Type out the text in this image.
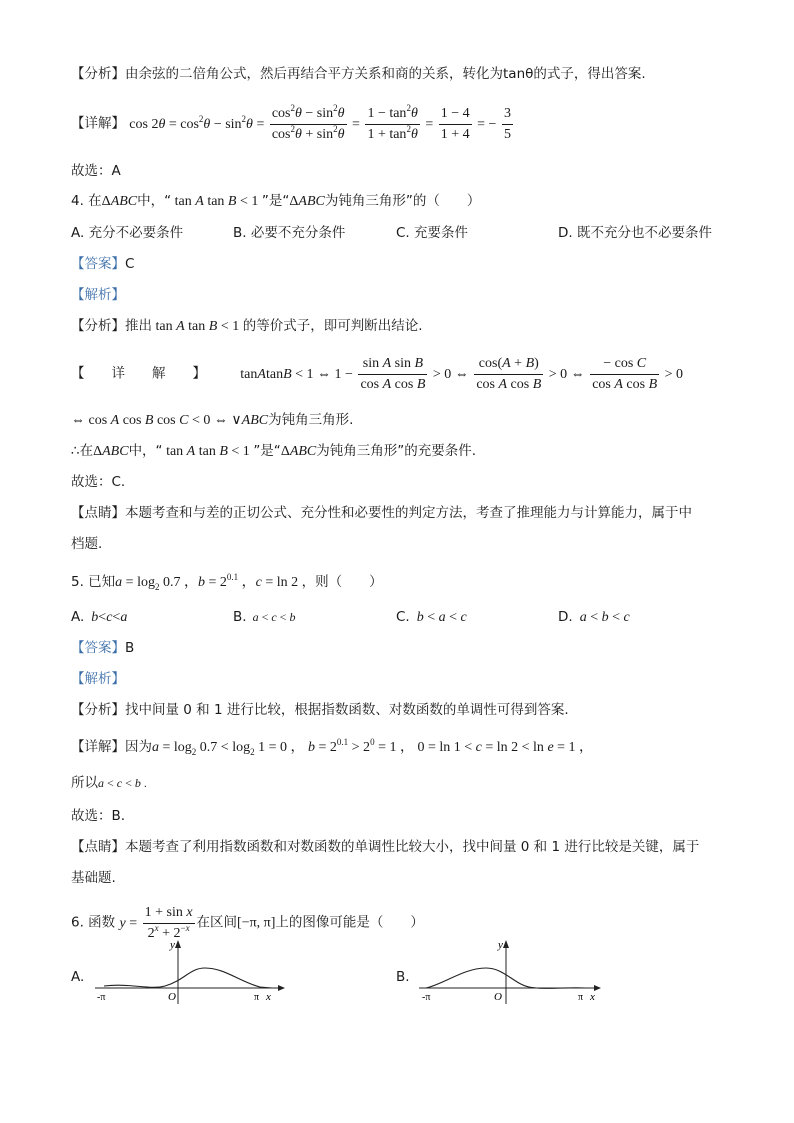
【分析】由余弦的二倍角公式，然后再结合平方关系和商的关系，转化为tanθ的式子，得出答案.
【详解】 $\cos 2\theta = \cos^2\theta - \sin^2\theta = \frac{\cos^2\theta - \sin^2\theta}{\cos^2\theta + \sin^2\theta} = \frac{1 - \tan^2\theta}{1 + \tan^2\theta} = \frac{1 - 4}{1 + 4}$ = − $\frac{3}{5}$
故选：A
4. 在ΔABC中，“ tan A tan B < 1 ”是“ΔABC为钝角三角形”的（　　）
A. 充分不必要条件	B. 必要不充分条件	C. 充要条件	D. 既不充分也不必要条件
【答案】C
【解析】
【分析】推出 tan A tan B < 1 的等价式子，即可判断出结论.
【　　详　　解　　】 tanAtanB < 1 ⇔ $1 - \frac{\text{sin A sin B}}{\text{cos A cos B}} > 0$ ⇔ $\frac{\cos(A + B)}{\text{cos A cos B}} > 0$ ⇔ $\frac{\text{− cos C}}{\text{cos A cos B}} > 0$
⇔ cos A cos B cos C < 0 ⇔ ∨ABC为钝角三角形.
∴在ΔABC中，“ tan A tan B < 1 ”是“ΔABC为钝角三角形”的充要条件.
故选：C.
【点睛】本题考查和与差的正切公式、充分性和必要性的判定方法，考查了推理能力与计算能力，属于中
档题.
5. 已知$a = \log_2 0.7$ ，$b = 2^{0.1}$ ，c = ln 2 ，则（　　）
A. b<c<a	B. a < c < b	C. b < a < c	D. a < b < c
【答案】B
【解析】
【分析】找中间量 0 和 1 进行比较，根据指数函数、对数函数的单调性可得到答案.
【详解】因为$a = \log_2 0.7 < \log_2 1 = 0$ ， $b = 2^{0.1} > 2^0 = 1$ ， 0 = ln 1 < c = ln 2 < ln e = 1 ，
所以a < c < b .
故选：B.
【点睛】本题考查了利用指数函数和对数函数的单调性比较大小，找中间量 0 和 1 进行比较是关键，属于
基础题.
6. 函数 $y = \frac{\text{1 + sin x}}{2^x + 2^{-x}}$ 在区间[−π, π]上的图像可能是（　　）
A.
y
x
O
-π	π
B.
y
x
O
-π	π
